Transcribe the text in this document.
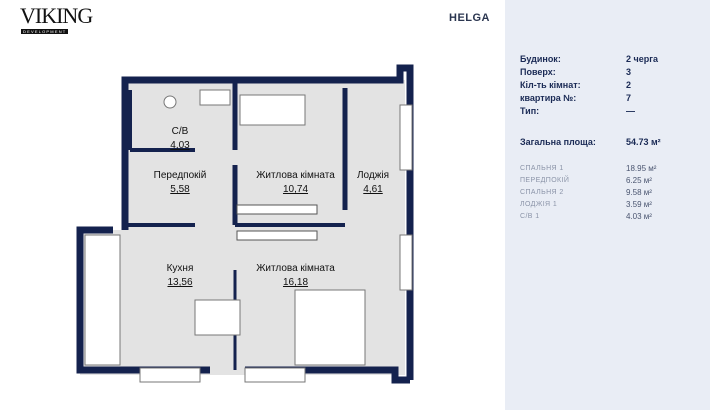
VIKING
DEVELOPMENT
HELGA
С/В
4,03
Передпокій
5,58
Житлова кімната
10,74
Лоджія
4,61
Кухня
13,56
Житлова кімната
16,18
Будинок:	2 черга
Поверх:	3
Кіл-ть кімнат:	2
квартира №:	7
Тип:	—
Загальна площа:	54.73 м²
СПАЛЬНЯ 1	18.95 м²
ПЕРЕДПОКІЙ	6.25 м²
СПАЛЬНЯ 2	9.58 м²
ЛОДЖІЯ 1	3.59 м²
С/В 1	4.03 м²
